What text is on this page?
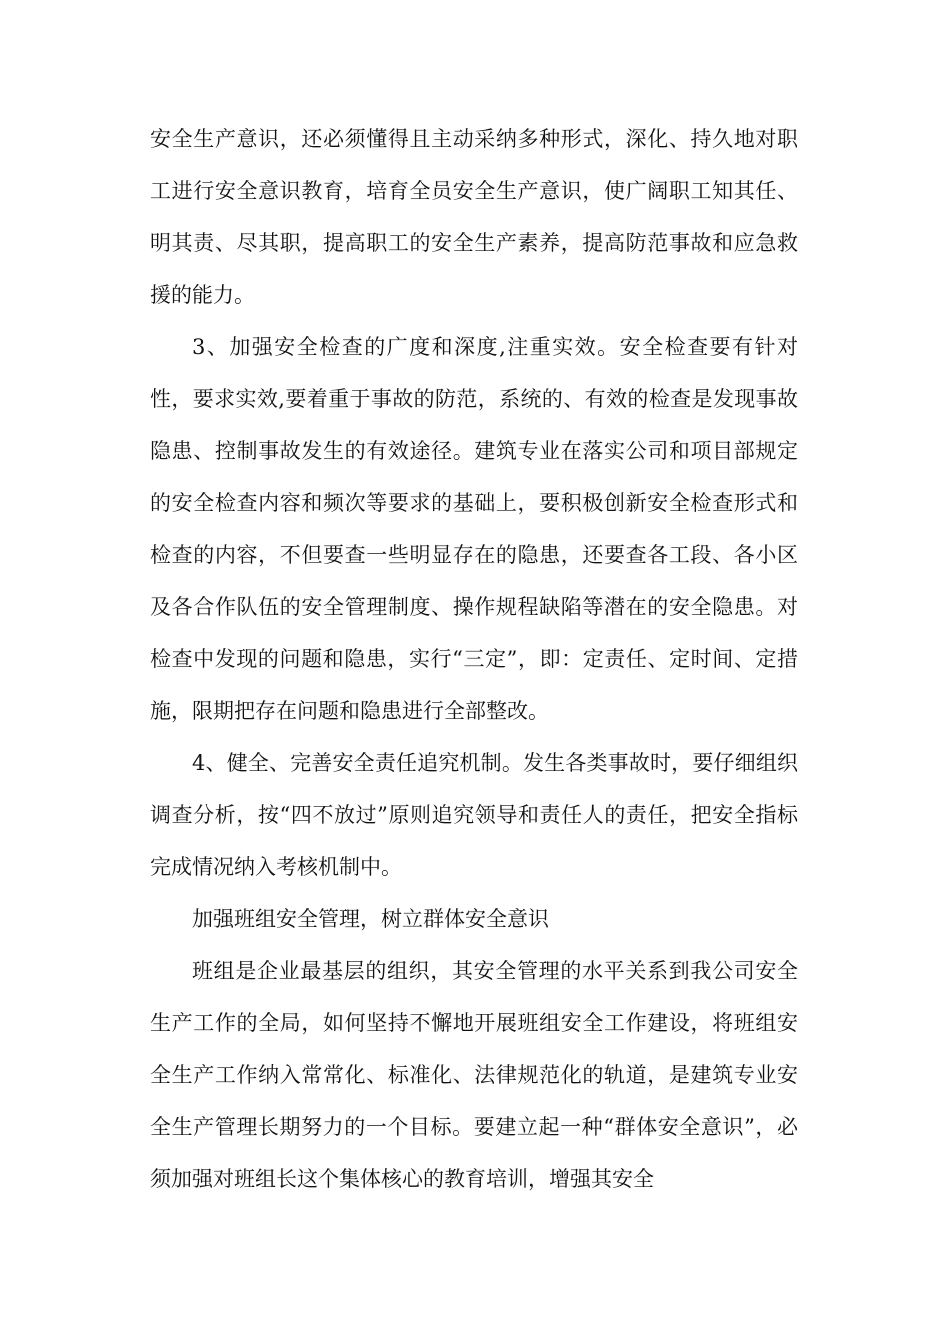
安全生产意识，还必须懂得且主动采纳多种形式，深化、持久地对职工进行安全意识教育，培育全员安全生产意识，使广阔职工知其任、明其责、尽其职，提高职工的安全生产素养，提高防范事故和应急救援的能力。

3、加强安全检查的广度和深度,注重实效。安全检查要有针对性，要求实效,要着重于事故的防范，系统的、有效的检查是发现事故隐患、控制事故发生的有效途径。建筑专业在落实公司和项目部规定的安全检查内容和频次等要求的基础上，要积极创新安全检查形式和检查的内容，不但要查一些明显存在的隐患，还要查各工段、各小区及各合作队伍的安全管理制度、操作规程缺陷等潜在的安全隐患。对检查中发现的问题和隐患，实行“三定”，即：定责任、定时间、定措施，限期把存在问题和隐患进行全部整改。

4、健全、完善安全责任追究机制。发生各类事故时，要仔细组织调查分析，按“四不放过”原则追究领导和责任人的责任，把安全指标完成情况纳入考核机制中。

加强班组安全管理，树立群体安全意识

班组是企业最基层的组织，其安全管理的水平关系到我公司安全生产工作的全局，如何坚持不懈地开展班组安全工作建设，将班组安全生产工作纳入常常化、标准化、法律规范化的轨道，是建筑专业安全生产管理长期努力的一个目标。要建立起一种“群体安全意识”，必须加强对班组长这个集体核心的教育培训，增强其安全
